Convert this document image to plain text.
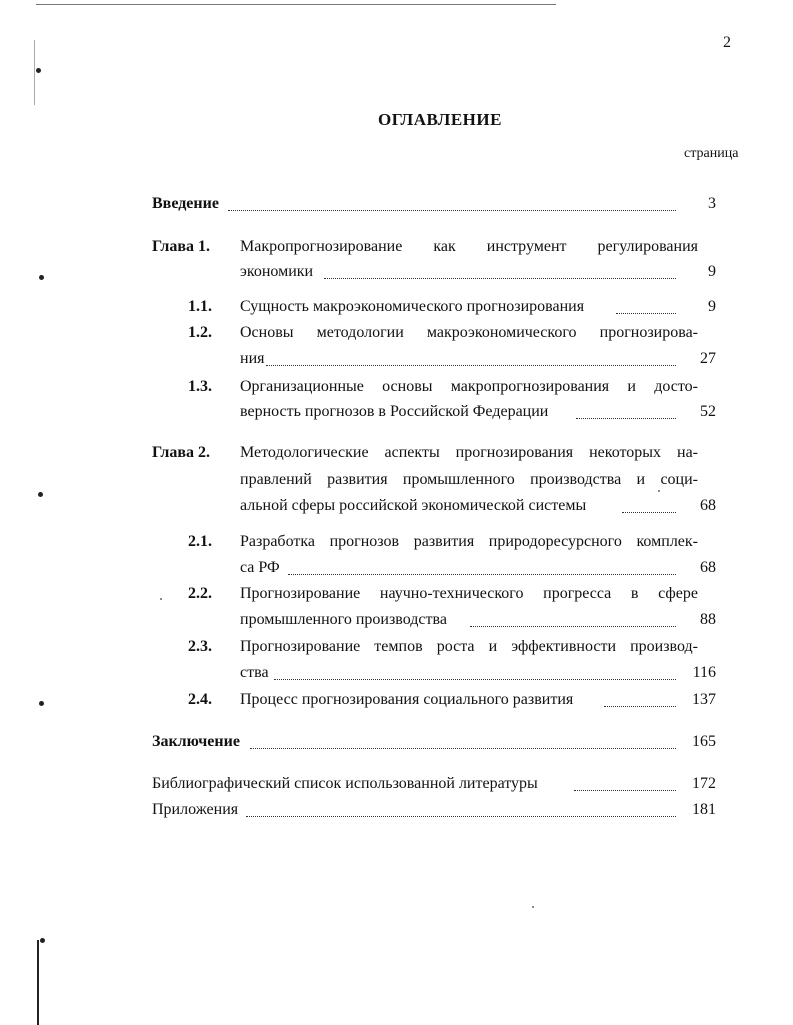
2

ОГЛАВЛЕНИЕ

страница

Введение	3
Глава 1. Макропрогнозирование как инструмент регулирования
экономики	9
1.1. Сущность макроэкономического прогнозирования	9
1.2. Основы методологии макроэкономического прогнозирова-
ния	27
1.3. Организационные основы макропрогнозирования и досто-
верность прогнозов в Российской Федерации	52
Глава 2. Методологические аспекты прогнозирования некоторых на-
правлений развития промышленного производства и соци-
альной сферы российской экономической системы	68
2.1. Разработка прогнозов развития природоресурсного комплек-
са РФ	68
2.2. Прогнозирование научно-технического прогресса в сфере
промышленного производства	88
2.3. Прогнозирование темпов роста и эффективности производ-
ства	116
2.4. Процесс прогнозирования социального развития	137
Заключение	165
Библиографический список использованной литературы	172
Приложения	181
